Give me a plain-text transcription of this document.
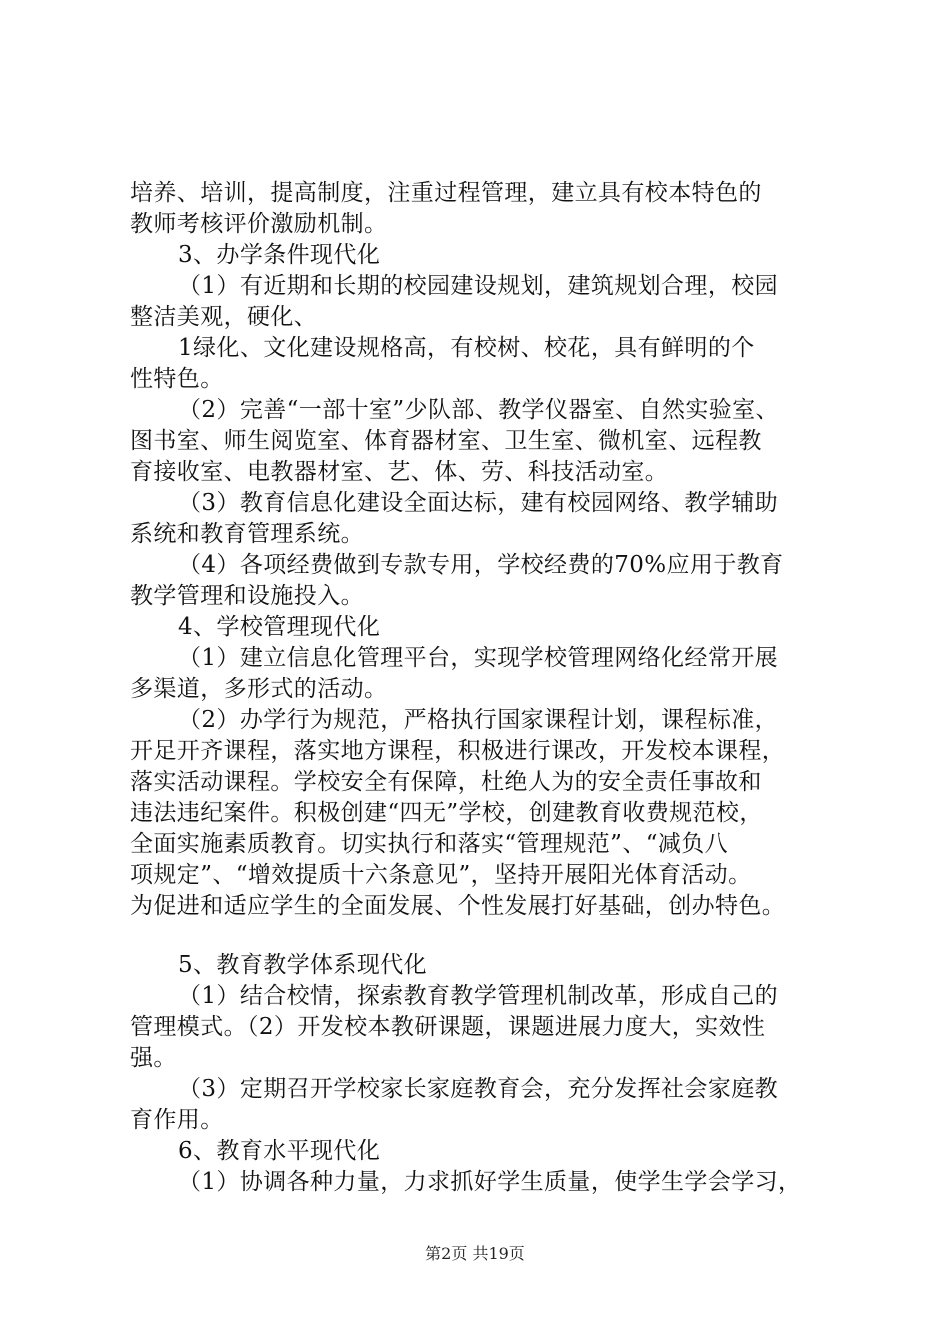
培养、培训，提高制度，注重过程管理，建立具有校本特色的
教师考核评价激励机制。
3、办学条件现代化
（1）有近期和长期的校园建设规划，建筑规划合理，校园
整洁美观，硬化、
1绿化、文化建设规格高，有校树、校花，具有鲜明的个
性特色。
（2）完善“一部十室”少队部、教学仪器室、自然实验室、
图书室、师生阅览室、体育器材室、卫生室、微机室、远程教
育接收室、电教器材室、艺、体、劳、科技活动室。
（3）教育信息化建设全面达标，建有校园网络、教学辅助
系统和教育管理系统。
（4）各项经费做到专款专用，学校经费的70%应用于教育
教学管理和设施投入。
4、学校管理现代化
（1）建立信息化管理平台，实现学校管理网络化经常开展
多渠道，多形式的活动。
（2）办学行为规范，严格执行国家课程计划，课程标准，
开足开齐课程，落实地方课程，积极进行课改，开发校本课程，
落实活动课程。学校安全有保障，杜绝人为的安全责任事故和
违法违纪案件。积极创建“四无”学校，创建教育收费规范校，
全面实施素质教育。切实执行和落实“管理规范”、“减负八
项规定”、“增效提质十六条意见”，坚持开展阳光体育活动。
为促进和适应学生的全面发展、个性发展打好基础，创办特色。
5、教育教学体系现代化
（1）结合校情，探索教育教学管理机制改革，形成自己的
管理模式。（2）开发校本教研课题，课题进展力度大，实效性
强。
（3）定期召开学校家长家庭教育会，充分发挥社会家庭教
育作用。
6、教育水平现代化
（1）协调各种力量，力求抓好学生质量，使学生学会学习，
第2页 共19页
